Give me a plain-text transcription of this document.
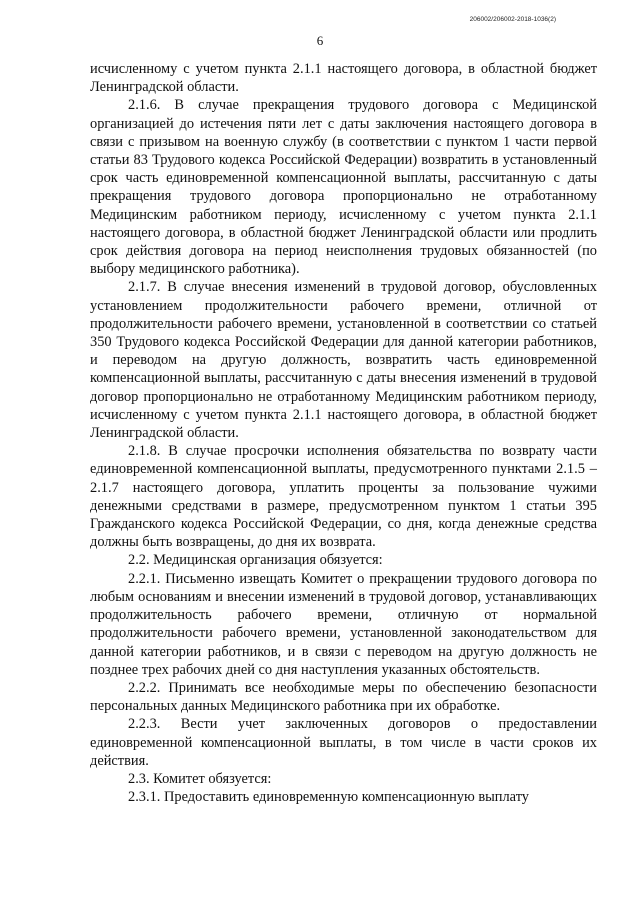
206002/206002-2018-1036(2)
6

исчисленному с учетом пункта 2.1.1 настоящего договора, в областной бюджет Ленинградской области.

2.1.6. В случае прекращения трудового договора с Медицинской организацией до истечения пяти лет с даты заключения настоящего договора в связи с призывом на военную службу (в соответствии с пунктом 1 части первой статьи 83 Трудового кодекса Российской Федерации) возвратить в установленный срок часть единовременной компенсационной выплаты, рассчитанную с даты прекращения трудового договора пропорционально не отработанному Медицинским работником периоду, исчисленному с учетом пункта 2.1.1 настоящего договора, в областной бюджет Ленинградской области или продлить срок действия договора на период неисполнения трудовых обязанностей (по выбору медицинского работника).

2.1.7. В случае внесения изменений в трудовой договор, обусловленных установлением продолжительности рабочего времени, отличной от продолжительности рабочего времени, установленной в соответствии со статьей 350 Трудового кодекса Российской Федерации для данной категории работников, и переводом на другую должность, возвратить часть единовременной компенсационной выплаты, рассчитанную с даты внесения изменений в трудовой договор пропорционально не отработанному Медицинским работником периоду, исчисленному с учетом пункта 2.1.1 настоящего договора, в областной бюджет Ленинградской области.

2.1.8. В случае просрочки исполнения обязательства по возврату части единовременной компенсационной выплаты, предусмотренного пунктами 2.1.5 – 2.1.7 настоящего договора, уплатить проценты за пользование чужими денежными средствами в размере, предусмотренном пунктом 1 статьи 395 Гражданского кодекса Российской Федерации, со дня, когда денежные средства должны быть возвращены, до дня их возврата.

2.2. Медицинская организация обязуется:

2.2.1. Письменно извещать Комитет о прекращении трудового договора по любым основаниям и внесении изменений в трудовой договор, устанавливающих продолжительность рабочего времени, отличную от нормальной продолжительности рабочего времени, установленной законодательством для данной категории работников, и в связи с переводом на другую должность не позднее трех рабочих дней со дня наступления указанных обстоятельств.

2.2.2. Принимать все необходимые меры по обеспечению безопасности персональных данных Медицинского работника при их обработке.

2.2.3. Вести учет заключенных договоров о предоставлении единовременной компенсационной выплаты, в том числе в части сроков их действия.

2.3. Комитет обязуется:

2.3.1. Предоставить единовременную компенсационную выплату
